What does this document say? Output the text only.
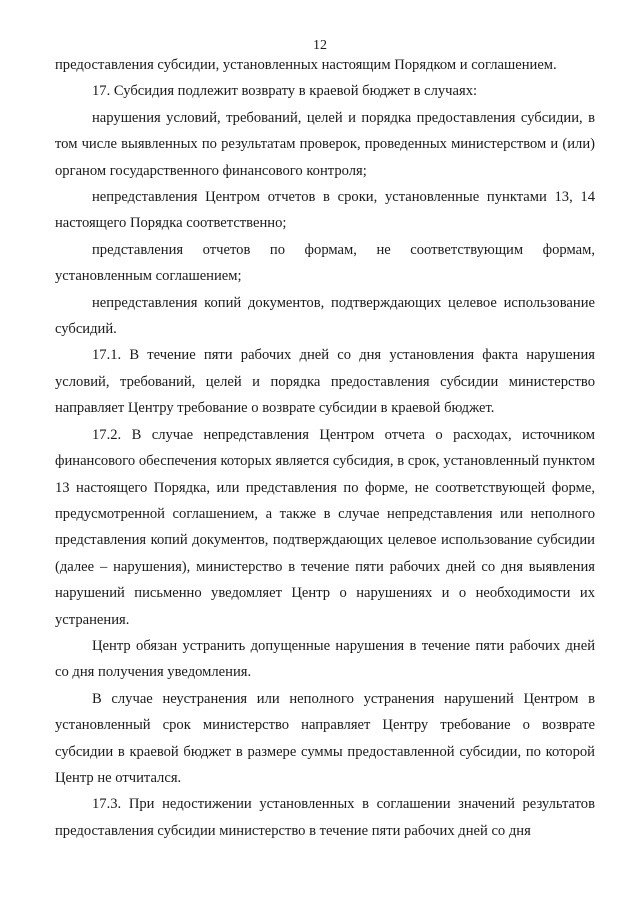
12

предоставления субсидии, установленных настоящим Порядком и соглашением.

17. Субсидия подлежит возврату в краевой бюджет в случаях:

нарушения условий, требований, целей и порядка предоставления субсидии, в том числе выявленных по результатам проверок, проведенных министерством и (или) органом государственного финансового контроля;

непредставления Центром отчетов в сроки, установленные пунктами 13, 14 настоящего Порядка соответственно;

представления отчетов по формам, не соответствующим формам, установленным соглашением;

непредставления копий документов, подтверждающих целевое использование субсидий.

17.1. В течение пяти рабочих дней со дня установления факта нарушения условий, требований, целей и порядка предоставления субсидии министерство направляет Центру требование о возврате субсидии в краевой бюджет.

17.2. В случае непредставления Центром отчета о расходах, источником финансового обеспечения которых является субсидия, в срок, установленный пунктом 13 настоящего Порядка, или представления по форме, не соответствующей форме, предусмотренной соглашением, а также в случае непредставления или неполного представления копий документов, подтверждающих целевое использование субсидии (далее – нарушения), министерство в течение пяти рабочих дней со дня выявления нарушений письменно уведомляет Центр о нарушениях и о необходимости их устранения.

Центр обязан устранить допущенные нарушения в течение пяти рабочих дней со дня получения уведомления.

В случае неустранения или неполного устранения нарушений Центром в установленный срок министерство направляет Центру требование о возврате субсидии в краевой бюджет в размере суммы предоставленной субсидии, по которой Центр не отчитался.

17.3. При недостижении установленных в соглашении значений результатов предоставления субсидии министерство в течение пяти рабочих дней со дня
